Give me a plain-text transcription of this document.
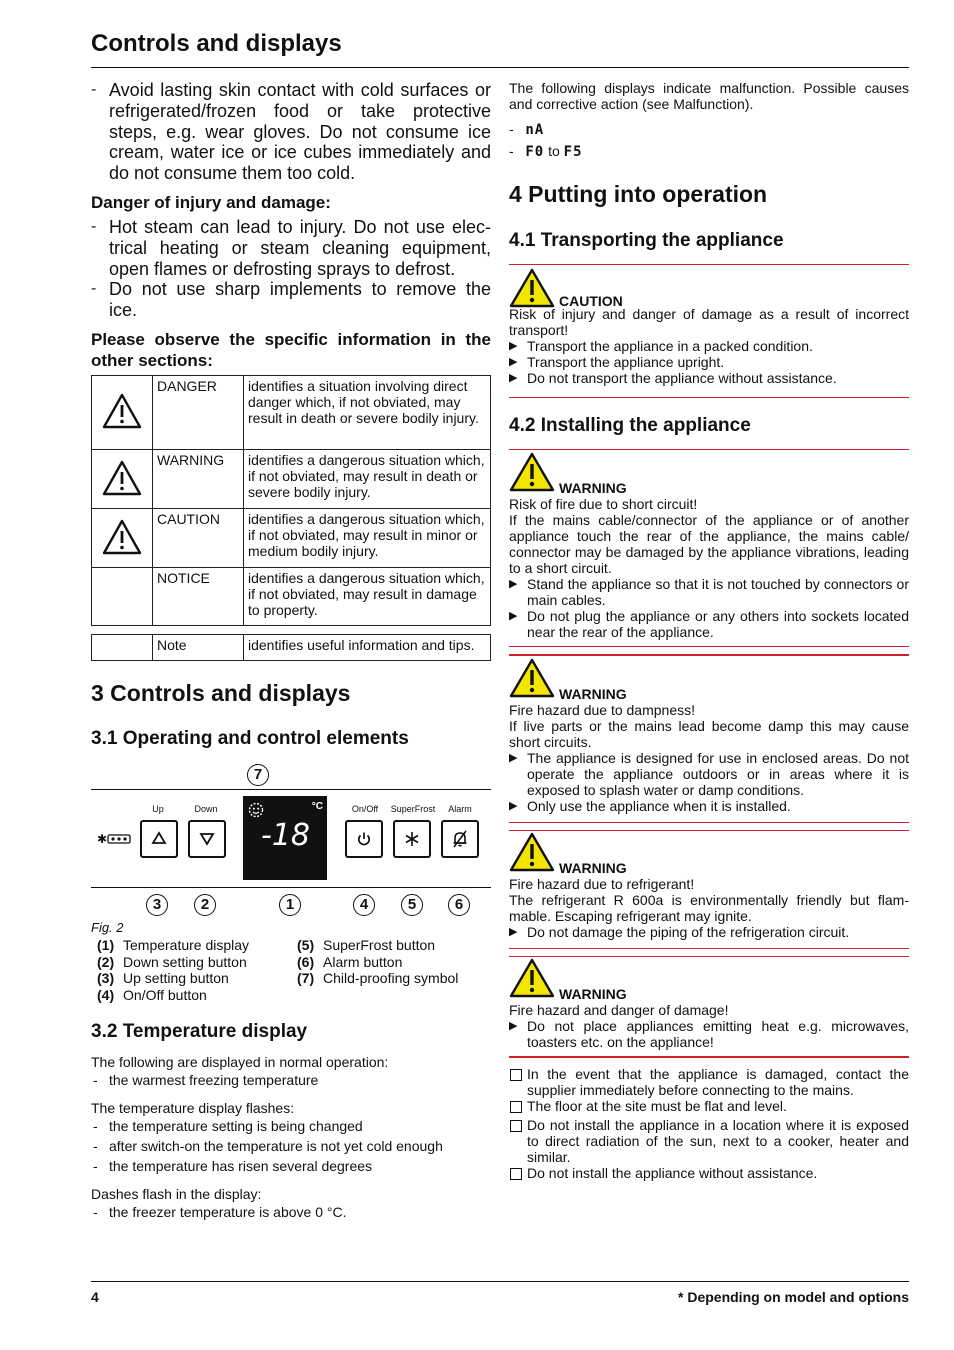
Controls and displays
- Avoid lasting skin contact with cold surfaces or refrigerated/frozen food or take protective steps, e.g. wear gloves. Do not consume ice cream, water ice or ice cubes immediately and do not consume them too cold.
Danger of injury and damage:
- Hot steam can lead to injury. Do not use elec-trical heating or steam cleaning equipment, open flames or defrosting sprays to defrost.
- Do not use sharp implements to remove the ice.
Please observe the specific information in the other sections:
	DANGER	identifies a situation involving direct danger which, if not obviated, may result in death or severe bodily injury.
	WARNING	identifies a dangerous situation which, if not obviated, may result in death or severe bodily injury.
	CAUTION	identifies a dangerous situation which, if not obviated, may result in minor or medium bodily injury.
	NOTICE	identifies a dangerous situation which, if not obviated, may result in damage to property.
	Note	identifies useful information and tips.
3 Controls and displays
3.1 Operating and control elements
7
Up	Down	On/Off	SuperFrost	Alarm
✱
°C
-18
3	2	1	4	5	6
Fig. 2
(1) Temperature display
(2) Down setting button
(3) Up setting button
(4) On/Off button
(5) SuperFrost button
(6) Alarm button
(7) Child-proofing symbol
3.2 Temperature display
The following are displayed in normal operation:
- the warmest freezing temperature
The temperature display flashes:
- the temperature setting is being changed
- after switch-on the temperature is not yet cold enough
- the temperature has risen several degrees
Dashes flash in the display:
- the freezer temperature is above 0 °C.
The following displays indicate malfunction. Possible causes and corrective action (see Malfunction).
-   nA
-   F0 to F5
4 Putting into operation
4.1 Transporting the appliance
CAUTION
Risk of injury and danger of damage as a result of incorrect transport!
▶ Transport the appliance in a packed condition.
▶ Transport the appliance upright.
▶ Do not transport the appliance without assistance.
4.2 Installing the appliance
WARNING
Risk of fire due to short circuit!
If the mains cable/connector of the appliance or of another appliance touch the rear of the appliance, the mains cable/ connector may be damaged by the appliance vibrations, leading to a short circuit.
▶ Stand the appliance so that it is not touched by connectors or main cables.
▶ Do not plug the appliance or any others into sockets located near the rear of the appliance.
WARNING
Fire hazard due to dampness!
If live parts or the mains lead become damp this may cause short circuits.
▶ The appliance is designed for use in enclosed areas. Do not operate the appliance outdoors or in areas where it is exposed to splash water or damp conditions.
▶ Only use the appliance when it is installed.
WARNING
Fire hazard due to refrigerant!
The refrigerant R 600a is environmentally friendly but flam-mable. Escaping refrigerant may ignite.
▶ Do not damage the piping of the refrigeration circuit.
WARNING
Fire hazard and danger of damage!
▶ Do not place appliances emitting heat e.g. microwaves, toasters etc. on the appliance!
In the event that the appliance is damaged, contact the supplier immediately before connecting to the mains.
The floor at the site must be flat and level.
Do not install the appliance in a location where it is exposed to direct radiation of the sun, next to a cooker, heater and similar.
Do not install the appliance without assistance.
4	* Depending on model and options
